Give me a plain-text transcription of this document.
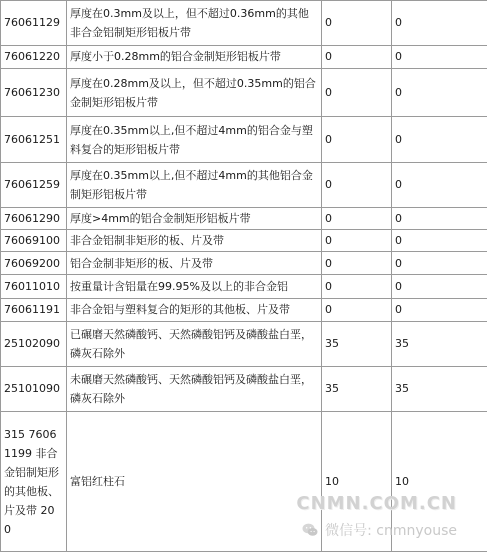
76061129	厚度在0.3mm及以上，但不超过0.36mm的其他非合金铝制矩形铝板片带	0	0
76061220	厚度小于0.28mm的铝合金制矩形铝板片带	0	0
76061230	厚度在0.28mm及以上，但不超过0.35mm的铝合金制矩形铝板片带	0	0
76061251	厚度在0.35mm以上,但不超过4mm的铝合金与塑料复合的矩形铝板片带	0	0
76061259	厚度在0.35mm以上,但不超过4mm的其他铝合金制矩形铝板片带	0	0
76061290	厚度>4mm的铝合金制矩形铝板片带	0	0
76069100	非合金铝制非矩形的板、片及带	0	0
76069200	铝合金制非矩形的板、片及带	0	0
76011010	按重量计含铝量在99.95%及以上的非合金铝	0	0
76061191	非合金铝与塑料复合的矩形的其他板、片及带	0	0
25102090	已碾磨天然磷酸钙、天然磷酸铝钙及磷酸盐白垩，磷灰石除外	35	35
25101090	未碾磨天然磷酸钙、天然磷酸铝钙及磷酸盐白垩，磷灰石除外	35	35
315 76061199 非合金铝制矩形的其他板、片及带 20 0	富铝红柱石	10	10
CNMN.COM.CN
微信号: cnmnyouse
